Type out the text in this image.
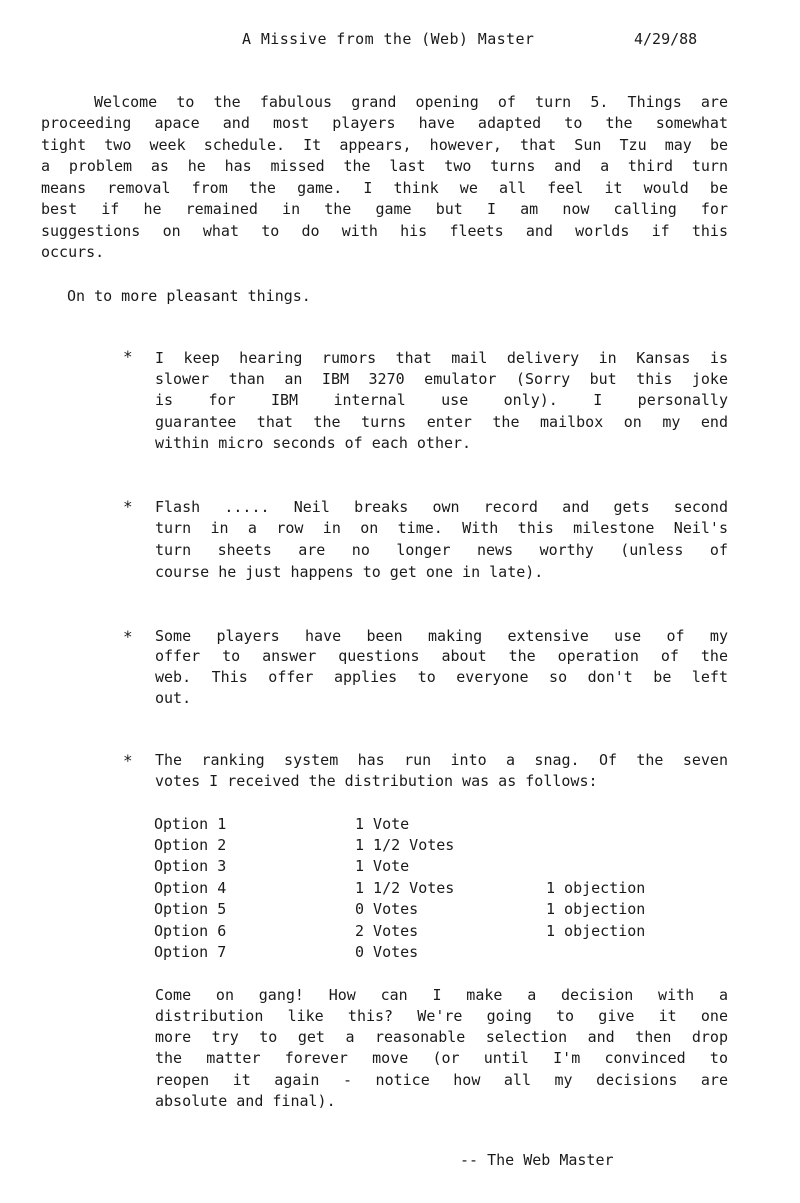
A Missive from the (Web) Master	4/29/88
Welcome to the fabulous grand opening of turn 5. Things are
proceeding apace and most players have adapted to the somewhat
tight two week schedule. It appears, however, that Sun Tzu may be
a problem as he has missed the last two turns and a third turn
means removal from the game. I think we all feel it would be
best if he remained in the game but I am now calling for
suggestions on what to do with his fleets and worlds if this
occurs.
On to more pleasant things.
* I keep hearing rumors that mail delivery in Kansas is
slower than an IBM 3270 emulator (Sorry but this joke
is for IBM internal use only). I personally
guarantee that the turns enter the mailbox on my end
within micro seconds of each other.
* Flash ..... Neil breaks own record and gets second
turn in a row in on time. With this milestone Neil's
turn sheets are no longer news worthy (unless of
course he just happens to get one in late).
* Some players have been making extensive use of my
offer to answer questions about the operation of the
web. This offer applies to everyone so don't be left
out.
* The ranking system has run into a snag. Of the seven
votes I received the distribution was as follows:
Option 1	1 Vote
Option 2	1 1/2 Votes
Option 3	1 Vote
Option 4	1 1/2 Votes	1 objection
Option 5	0 Votes	1 objection
Option 6	2 Votes	1 objection
Option 7	0 Votes
Come on gang! How can I make a decision with a
distribution like this? We're going to give it one
more try to get a reasonable selection and then drop
the matter forever move (or until I'm convinced to
reopen it again - notice how all my decisions are
absolute and final).
-- The Web Master
